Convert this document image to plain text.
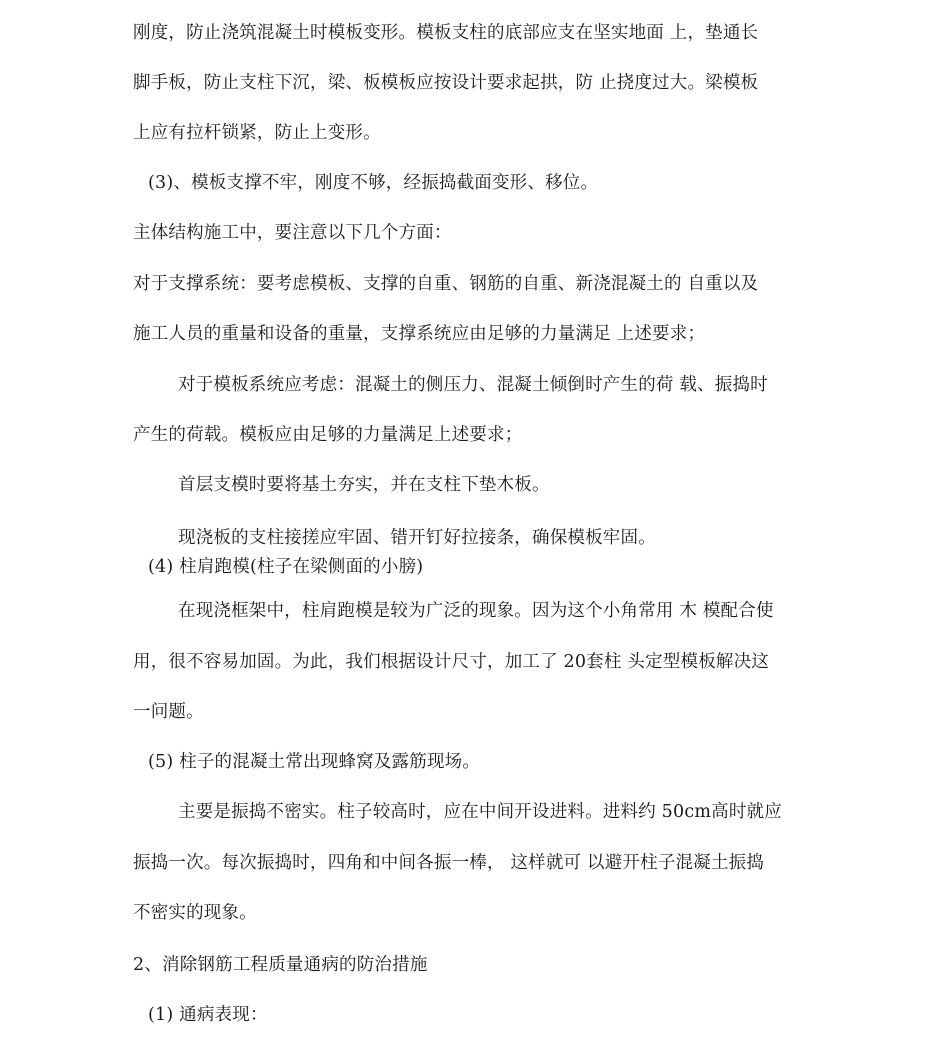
刚度，防止浇筑混凝土时模板变形。模板支柱的底部应支在坚实地面 上，垫通长
脚手板，防止支柱下沉，梁、板模板应按设计要求起拱，防 止挠度过大。梁模板
上应有拉杆锁紧，防止上变形。
(3)、模板支撑不牢，刚度不够，经振捣截面变形、移位。
主体结构施工中，要注意以下几个方面：
对于支撑系统：要考虑模板、支撑的自重、钢筋的自重、新浇混凝土的 自重以及
施工人员的重量和设备的重量，支撑系统应由足够的力量满足 上述要求；
对于模板系统应考虑：混凝土的侧压力、混凝土倾倒时产生的荷 载、振捣时
产生的荷载。模板应由足够的力量满足上述要求；
首层支模时要将基土夯实，并在支柱下垫木板。
现浇板的支柱接搓应牢固、错开钉好拉接条，确保模板牢固。
(4) 柱肩跑模(柱子在梁侧面的小膀)
在现浇框架中，柱肩跑模是较为广泛的现象。因为这个小角常用 木 模配合使
用，很不容易加固。为此，我们根据设计尺寸，加工了 20套柱 头定型模板解决这
一问题。
(5) 柱子的混凝土常出现蜂窝及露筋现场。
主要是振捣不密实。柱子较高时，应在中间开设进料。进料约 50cm高时就应
振捣一次。每次振捣时，四角和中间各振一棒， 这样就可 以避开柱子混凝土振捣
不密实的现象。
2、消除钢筋工程质量通病的防治措施
(1) 通病表现：
